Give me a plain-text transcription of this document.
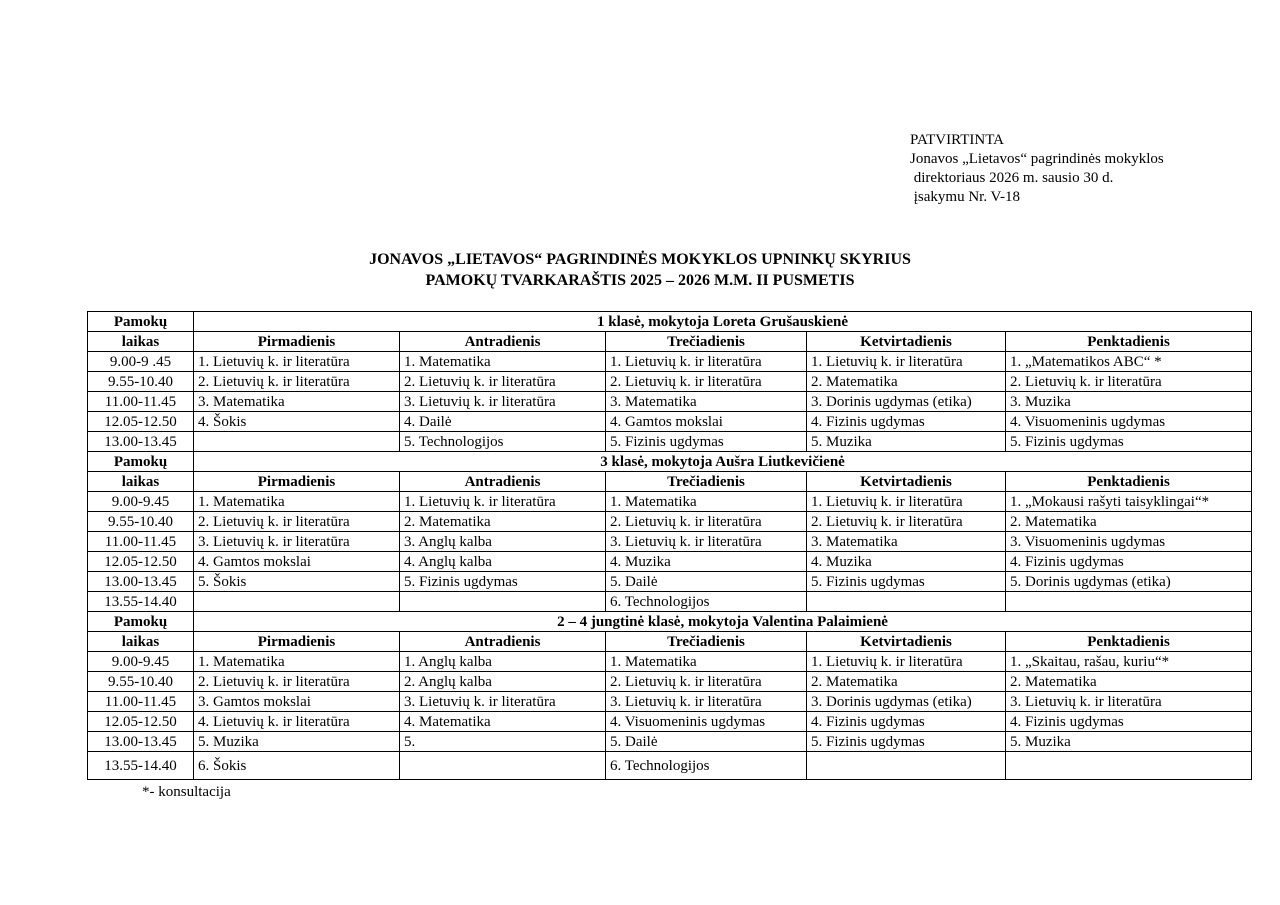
PATVIRTINTA
Jonavos „Lietavos“ pagrindinės mokyklos
direktoriaus 2026 m. sausio 30 d.
įsakymu Nr. V-18
JONAVOS „LIETAVOS“ PAGRINDINĖS MOKYKLOS UPNINKŲ SKYRIUS
PAMOKŲ TVARKARAŠTIS 2025 – 2026 M.M. II PUSMETIS
Pamokų	1 klasė, mokytoja Loreta Grušauskienė				
laikas	Pirmadienis	Antradienis	Trečiadienis	Ketvirtadienis	Penktadienis
9.00-9 .45	1. Lietuvių k. ir literatūra	1. Matematika	1. Lietuvių k. ir literatūra	1. Lietuvių k. ir literatūra	1. „Matematikos ABC“ *
9.55-10.40	2. Lietuvių k. ir literatūra	2. Lietuvių k. ir literatūra	2. Lietuvių k. ir literatūra	2. Matematika	2. Lietuvių k. ir literatūra
11.00-11.45	3. Matematika	3. Lietuvių k. ir literatūra	3. Matematika	3. Dorinis ugdymas (etika)	3. Muzika
12.05-12.50	4. Šokis	4. Dailė	4. Gamtos mokslai	4. Fizinis ugdymas	4. Visuomeninis ugdymas
13.00-13.45		5. Technologijos	5. Fizinis ugdymas	5. Muzika	5. Fizinis ugdymas
Pamokų	3 klasė, mokytoja Aušra Liutkevičienė				
laikas	Pirmadienis	Antradienis	Trečiadienis	Ketvirtadienis	Penktadienis
9.00-9.45	1. Matematika	1. Lietuvių k. ir literatūra	1. Matematika	1. Lietuvių k. ir literatūra	1. „Mokausi rašyti taisyklingai“*
9.55-10.40	2. Lietuvių k. ir literatūra	2. Matematika	2. Lietuvių k. ir literatūra	2. Lietuvių k. ir literatūra	2. Matematika
11.00-11.45	3. Lietuvių k. ir literatūra	3. Anglų kalba	3. Lietuvių k. ir literatūra	3. Matematika	3. Visuomeninis ugdymas
12.05-12.50	4. Gamtos mokslai	4. Anglų kalba	4. Muzika	4. Muzika	4. Fizinis ugdymas
13.00-13.45	5. Šokis	5. Fizinis ugdymas	5. Dailė	5. Fizinis ugdymas	5. Dorinis ugdymas (etika)
13.55-14.40			6. Technologijos		
Pamokų	2 – 4 jungtinė klasė, mokytoja Valentina Palaimienė				
laikas	Pirmadienis	Antradienis	Trečiadienis	Ketvirtadienis	Penktadienis
9.00-9.45	1. Matematika	1. Anglų kalba	1. Matematika	1. Lietuvių k. ir literatūra	1. „Skaitau, rašau, kuriu“*
9.55-10.40	2. Lietuvių k. ir literatūra	2. Anglų kalba	2. Lietuvių k. ir literatūra	2. Matematika	2. Matematika
11.00-11.45	3. Gamtos mokslai	3. Lietuvių k. ir literatūra	3. Lietuvių k. ir literatūra	3. Dorinis ugdymas (etika)	3. Lietuvių k. ir literatūra
12.05-12.50	4. Lietuvių k. ir literatūra	4. Matematika	4. Visuomeninis ugdymas	4. Fizinis ugdymas	4. Fizinis ugdymas
13.00-13.45	5. Muzika	5.	5. Dailė	5. Fizinis ugdymas	5. Muzika
13.55-14.40	6. Šokis		6. Technologijos		
*- konsultacija
